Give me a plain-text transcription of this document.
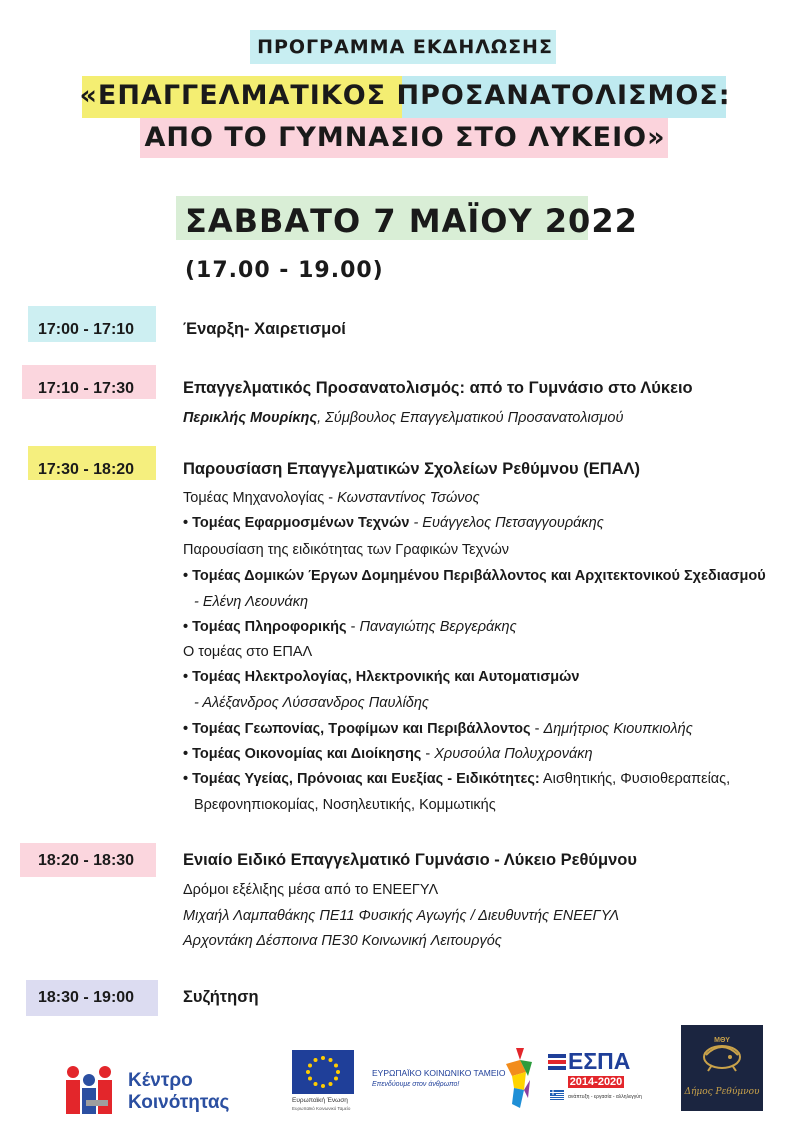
ΠΡΟΓΡΑΜΜΑ ΕΚΔΗΛΩΣΗΣ
«ΕΠΑΓΓΕΛΜΑΤΙΚΟΣ ΠΡΟΣΑΝΑΤΟΛΙΣΜΟΣ:
ΑΠΟ ΤΟ ΓΥΜΝΑΣΙΟ ΣΤΟ ΛΥΚΕΙΟ»
ΣΑΒΒΑΤΟ 7 ΜΑΪΟΥ 2022
(17.00 - 19.00)
17:00 - 17:10	Έναρξη- Χαιρετισμοί
17:10 - 17:30	Επαγγελματικός Προσανατολισμός: από το Γυμνάσιο στο Λύκειο
Περικλής Μουρίκης, Σύμβουλος Επαγγελματικού Προσανατολισμού
17:30 - 18:20	Παρουσίαση Επαγγελματικών Σχολείων Ρεθύμνου (ΕΠΑΛ)
Τομέας Μηχανολογίας - Κωνσταντίνος Τσώνος
• Τομέας Εφαρμοσμένων Τεχνών - Ευάγγελος Πετσαγγουράκης
Παρουσίαση της ειδικότητας των Γραφικών Τεχνών
• Τομέας Δομικών Έργων Δομημένου Περιβάλλοντος και Αρχιτεκτονικού Σχεδιασμού
- Ελένη Λεουνάκη
• Τομέας Πληροφορικής - Παναγιώτης Βεργεράκης
Ο τομέας στο ΕΠΑΛ
• Τομέας Ηλεκτρολογίας, Ηλεκτρονικής και Αυτοματισμών
- Αλέξανδρος Λύσσανδρος Παυλίδης
• Τομέας Γεωπονίας, Τροφίμων και Περιβάλλοντος - Δημήτριος Κιουπκιολής
• Τομέας Οικονομίας και Διοίκησης - Χρυσούλα Πολυχρονάκη
• Τομέας Υγείας, Πρόνοιας και Ευεξίας - Ειδικότητες: Αισθητικής, Φυσιοθεραπείας,
Βρεφονηπιοκομίας, Νοσηλευτικής, Κομμωτικής
18:20 - 18:30	Ενιαίο Ειδικό Επαγγελματικό Γυμνάσιο - Λύκειο Ρεθύμνου
Δρόμοι εξέλιξης μέσα από το ΕΝΕΕΓΥΛ
Μιχαήλ Λαμπαθάκης ΠΕ11 Φυσικής Αγωγής / Διευθυντής ΕΝΕΕΓΥΛ
Αρχοντάκη Δέσποινα ΠΕ30 Κοινωνική Λειτουργός
18:30 - 19:00	Συζήτηση
Κέντρο
Κοινότητας	Ευρωπαϊκή Ένωση
Ευρωπαϊκό Κοινωνικό Ταμείο
ΕΥΡΩΠΑΪΚΟ ΚΟΙΝΩΝΙΚΟ ΤΑΜΕΙΟ
Επενδύουμε στον άνθρωπο!
ΕΣΠΑ
2014-2020
ανάπτυξη - εργασία - αλληλεγγύη
ΜΘΥ
Δήμος Ρεθύμνου
